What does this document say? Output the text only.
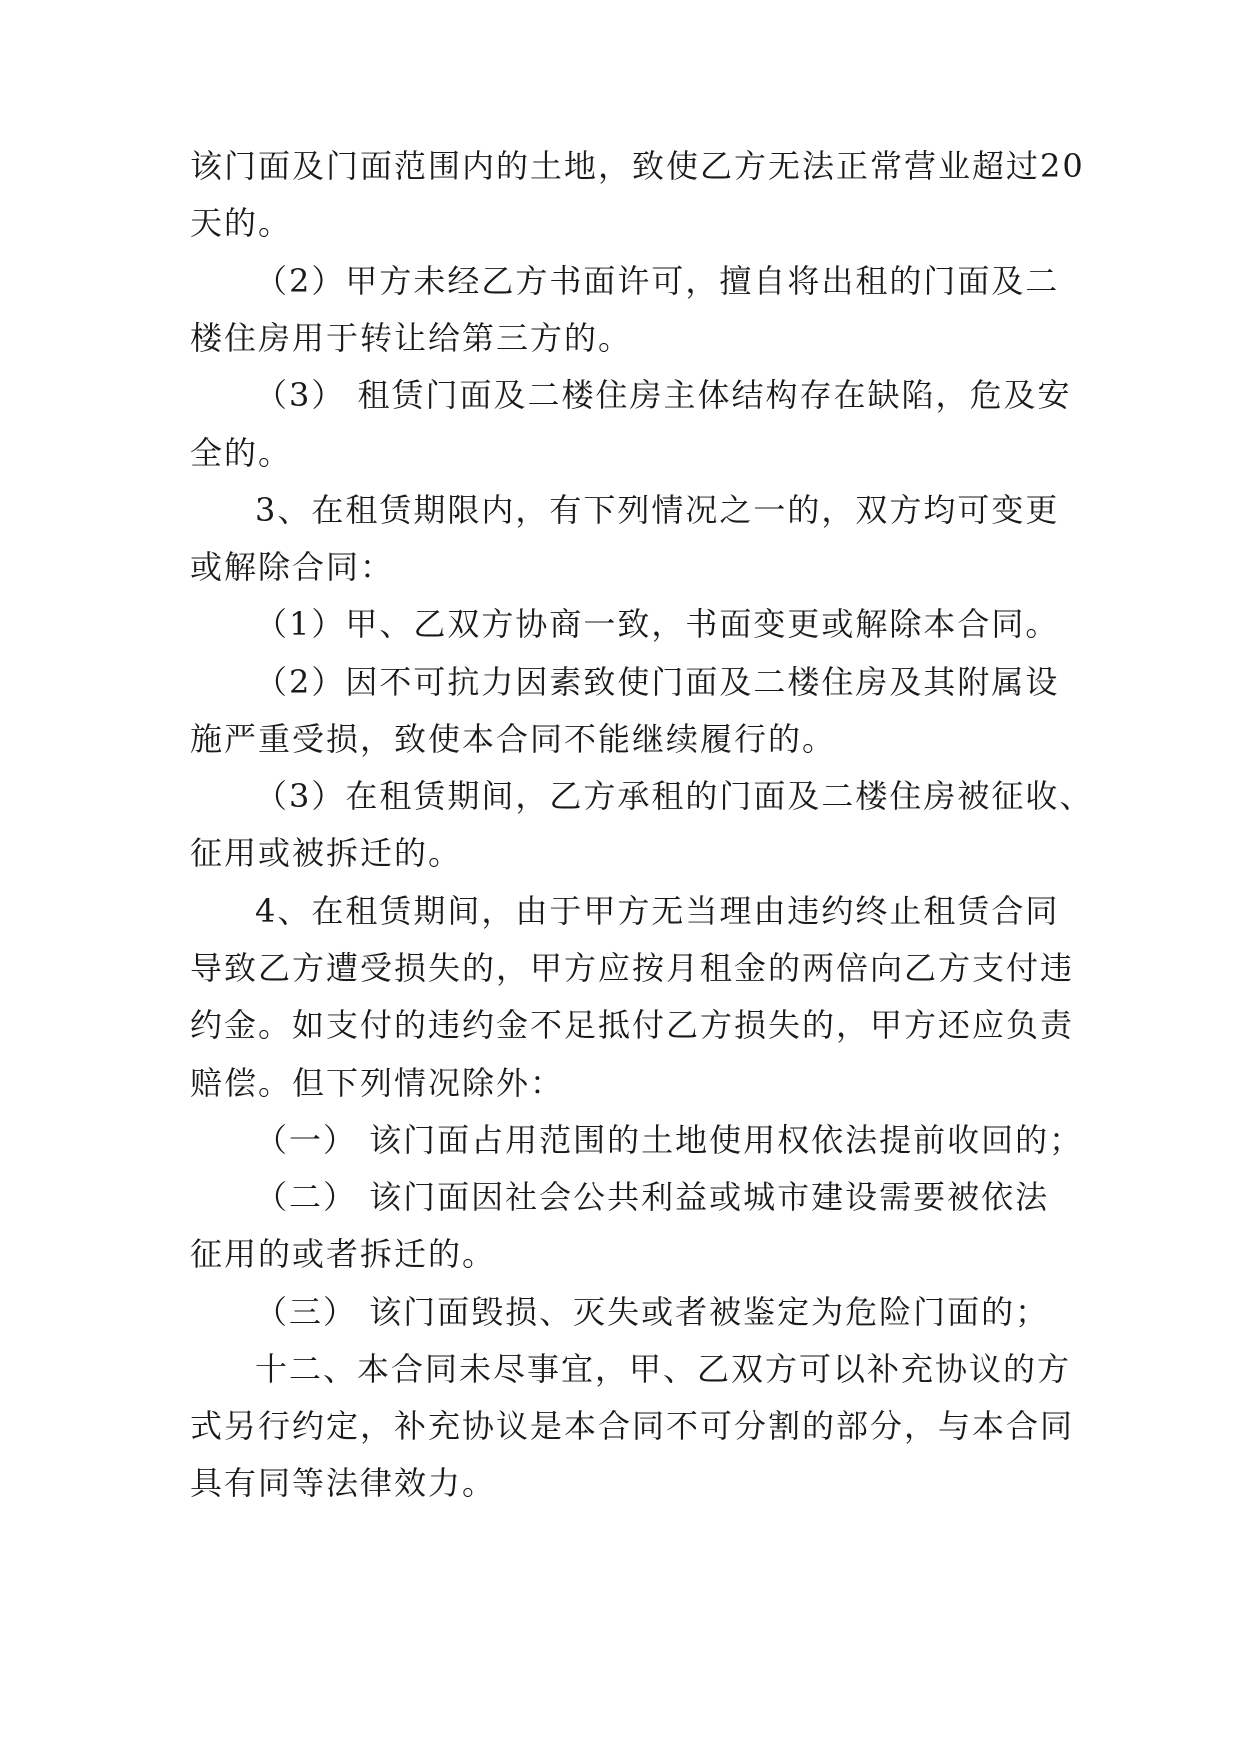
该门面及门面范围内的土地，致使乙方无法正常营业超过20
天的。
（2）甲方未经乙方书面许可，擅自将出租的门面及二
楼住房用于转让给第三方的。
（3） 租赁门面及二楼住房主体结构存在缺陷，危及安
全的。
3、在租赁期限内，有下列情况之一的，双方均可变更
或解除合同：
（1）甲、乙双方协商一致，书面变更或解除本合同。
（2）因不可抗力因素致使门面及二楼住房及其附属设
施严重受损，致使本合同不能继续履行的。
（3）在租赁期间，乙方承租的门面及二楼住房被征收、
征用或被拆迁的。
4、在租赁期间，由于甲方无当理由违约终止租赁合同
导致乙方遭受损失的，甲方应按月租金的两倍向乙方支付违
约金。如支付的违约金不足抵付乙方损失的，甲方还应负责
赔偿。但下列情况除外：
（一） 该门面占用范围的土地使用权依法提前收回的；
（二） 该门面因社会公共利益或城市建设需要被依法
征用的或者拆迁的。
（三） 该门面毁损、灭失或者被鉴定为危险门面的；
十二、本合同未尽事宜，甲、乙双方可以补充协议的方
式另行约定，补充协议是本合同不可分割的部分，与本合同
具有同等法律效力。
